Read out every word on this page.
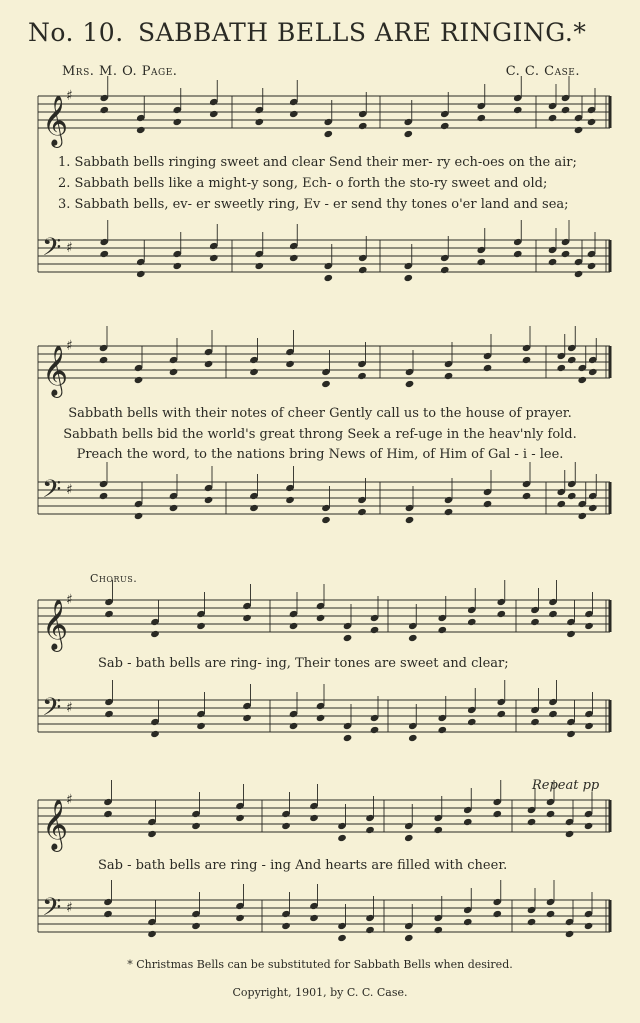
No. 10. SABBATH BELLS ARE RINGING.*
Mrs. M. O. Page.	C. C. Case.
𝄞
♯
𝄢 ♯
𝄞
♯
𝄢 ♯
𝄞
♯
𝄢 ♯
𝄞
♯
𝄢 ♯
1. Sabbath bells ringing sweet and clear Send their mer- ry ech-oes on the air;
2. Sabbath bells like a might-y song, Ech- o forth the sto-ry sweet and old;
3. Sabbath bells, ev- er sweetly ring, Ev - er send thy tones o'er land and sea;
Sabbath bells with their notes of cheer Gently call us to the house of prayer.
Sabbath bells bid the world's great throng Seek a ref-uge in the heav'nly fold.
Preach the word, to the nations bring News of Him, of Him of Gal - i - lee.
Chorus.
Sab - bath bells are ring- ing, Their tones are sweet and clear;
Repeat pp
Sab - bath bells are ring - ing And hearts are filled with cheer.
* Christmas Bells can be substituted for Sabbath Bells when desired.
Copyright, 1901, by C. C. Case.
